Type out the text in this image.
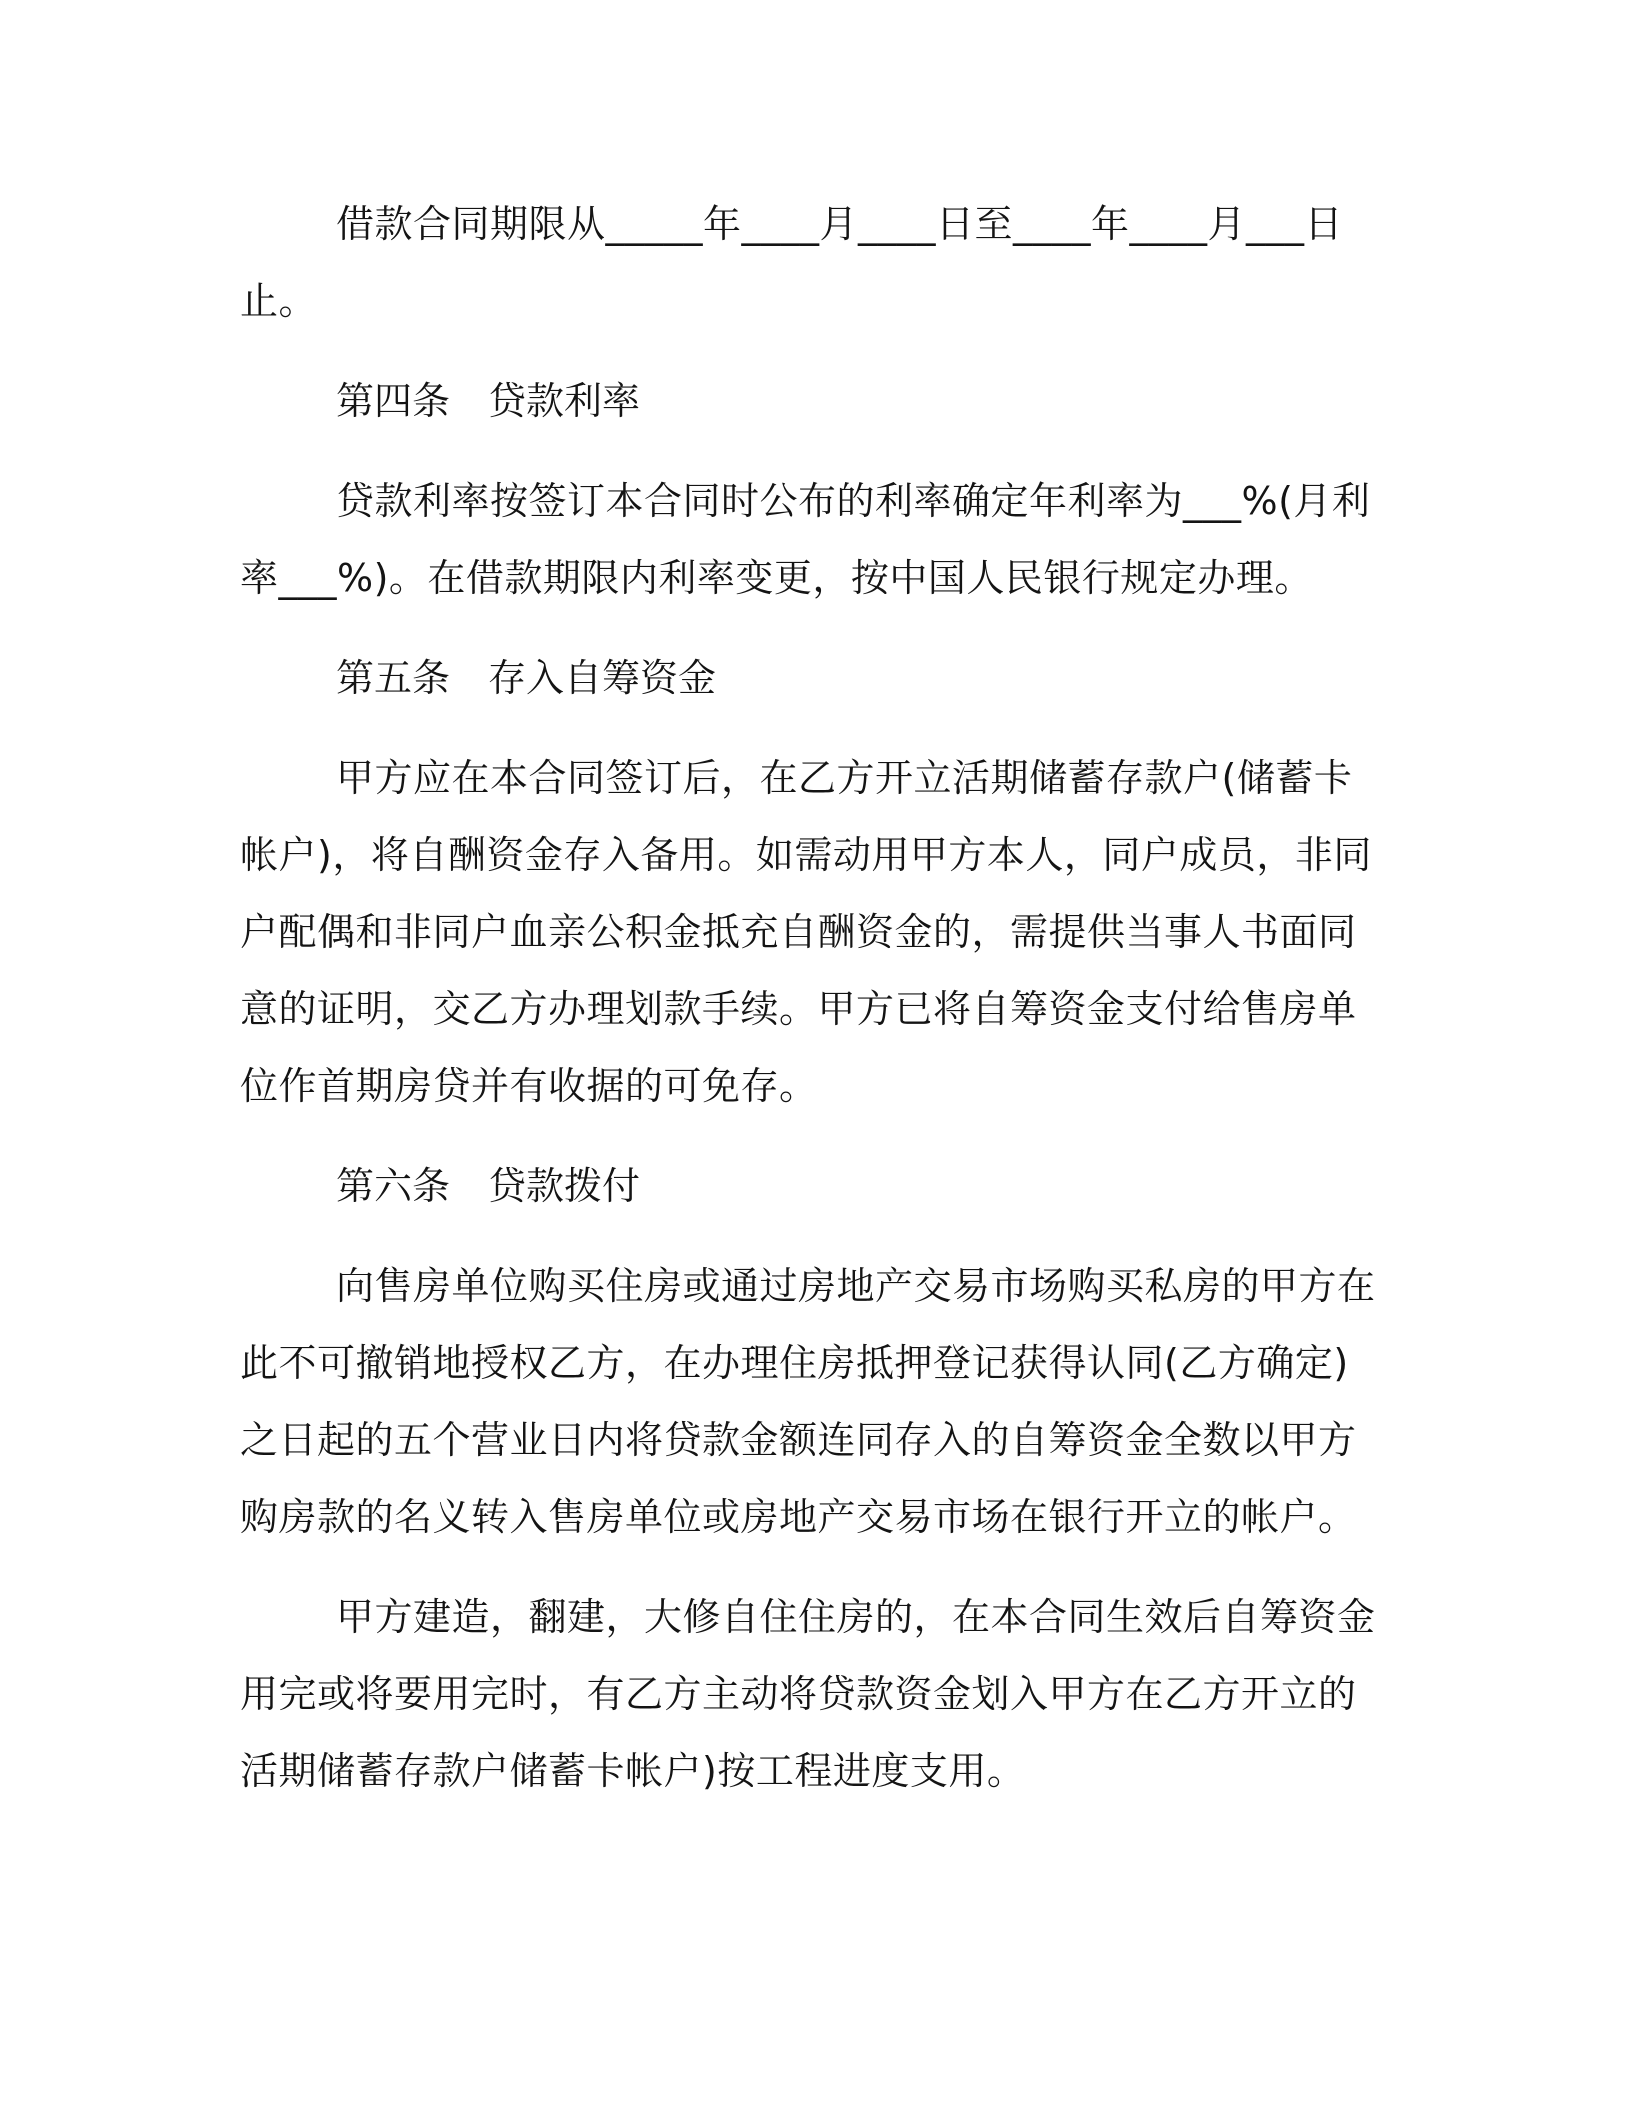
借款合同期限从_____年____月____日至____年____月___日止。

第四条　贷款利率

贷款利率按签订本合同时公布的利率确定年利率为___%(月利率___%)。在借款期限内利率变更，按中国人民银行规定办理。

第五条　存入自筹资金

甲方应在本合同签订后，在乙方开立活期储蓄存款户(储蓄卡帐户)，将自酬资金存入备用。如需动用甲方本人，同户成员，非同户配偶和非同户血亲公积金抵充自酬资金的，需提供当事人书面同意的证明，交乙方办理划款手续。甲方已将自筹资金支付给售房单位作首期房贷并有收据的可免存。

第六条　贷款拨付

向售房单位购买住房或通过房地产交易市场购买私房的甲方在此不可撤销地授权乙方，在办理住房抵押登记获得认同(乙方确定)之日起的五个营业日内将贷款金额连同存入的自筹资金全数以甲方购房款的名义转入售房单位或房地产交易市场在银行开立的帐户。

甲方建造，翻建，大修自住住房的，在本合同生效后自筹资金用完或将要用完时，有乙方主动将贷款资金划入甲方在乙方开立的活期储蓄存款户储蓄卡帐户)按工程进度支用。
